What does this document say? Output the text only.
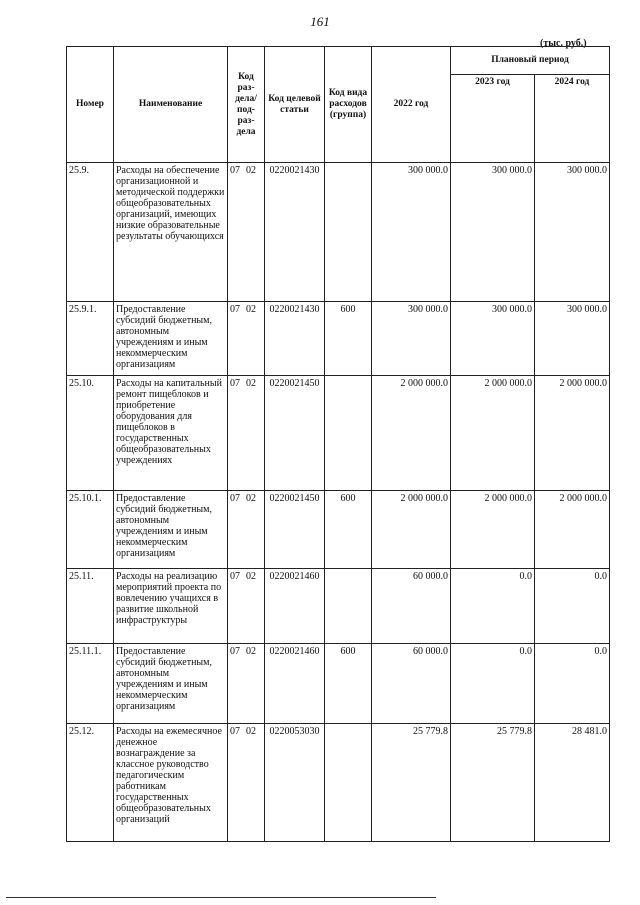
161
(тыс. руб.)
Номер	Наименование	Код раз-дела/ под-раз-дела	Код целевой статьи	Код вида расходов (группа)	2022 год	Плановый период	
						2023 год	2024 год
25.9.	Расходы на обеспечение организационной и методической поддержки общеобразовательных организаций, имеющих низкие образовательные результаты обучающихся	07 02	0220021430		300 000.0	300 000.0	300 000.0
25.9.1.	Предоставление субсидий бюджетным, автономным учреждениям и иным некоммерческим организациям	07 02	0220021430	600	300 000.0	300 000.0	300 000.0
25.10.	Расходы на капитальный ремонт пищеблоков и приобретение оборудования для пищеблоков в государственных общеобразовательных учреждениях	07 02	0220021450		2 000 000.0	2 000 000.0	2 000 000.0
25.10.1.	Предоставление субсидий бюджетным, автономным учреждениям и иным некоммерческим организациям	07 02	0220021450	600	2 000 000.0	2 000 000.0	2 000 000.0
25.11.	Расходы на реализацию мероприятий проекта по вовлечению учащихся в развитие школьной инфраструктуры	07 02	0220021460		60 000.0	0.0	0.0
25.11.1.	Предоставление субсидий бюджетным, автономным учреждениям и иным некоммерческим организациям	07 02	0220021460	600	60 000.0	0.0	0.0
25.12.	Расходы на ежемесячное денежное вознаграждение за классное руководство педагогическим работникам государственных общеобразовательных организаций	07 02	0220053030		25 779.8	25 779.8	28 481.0
